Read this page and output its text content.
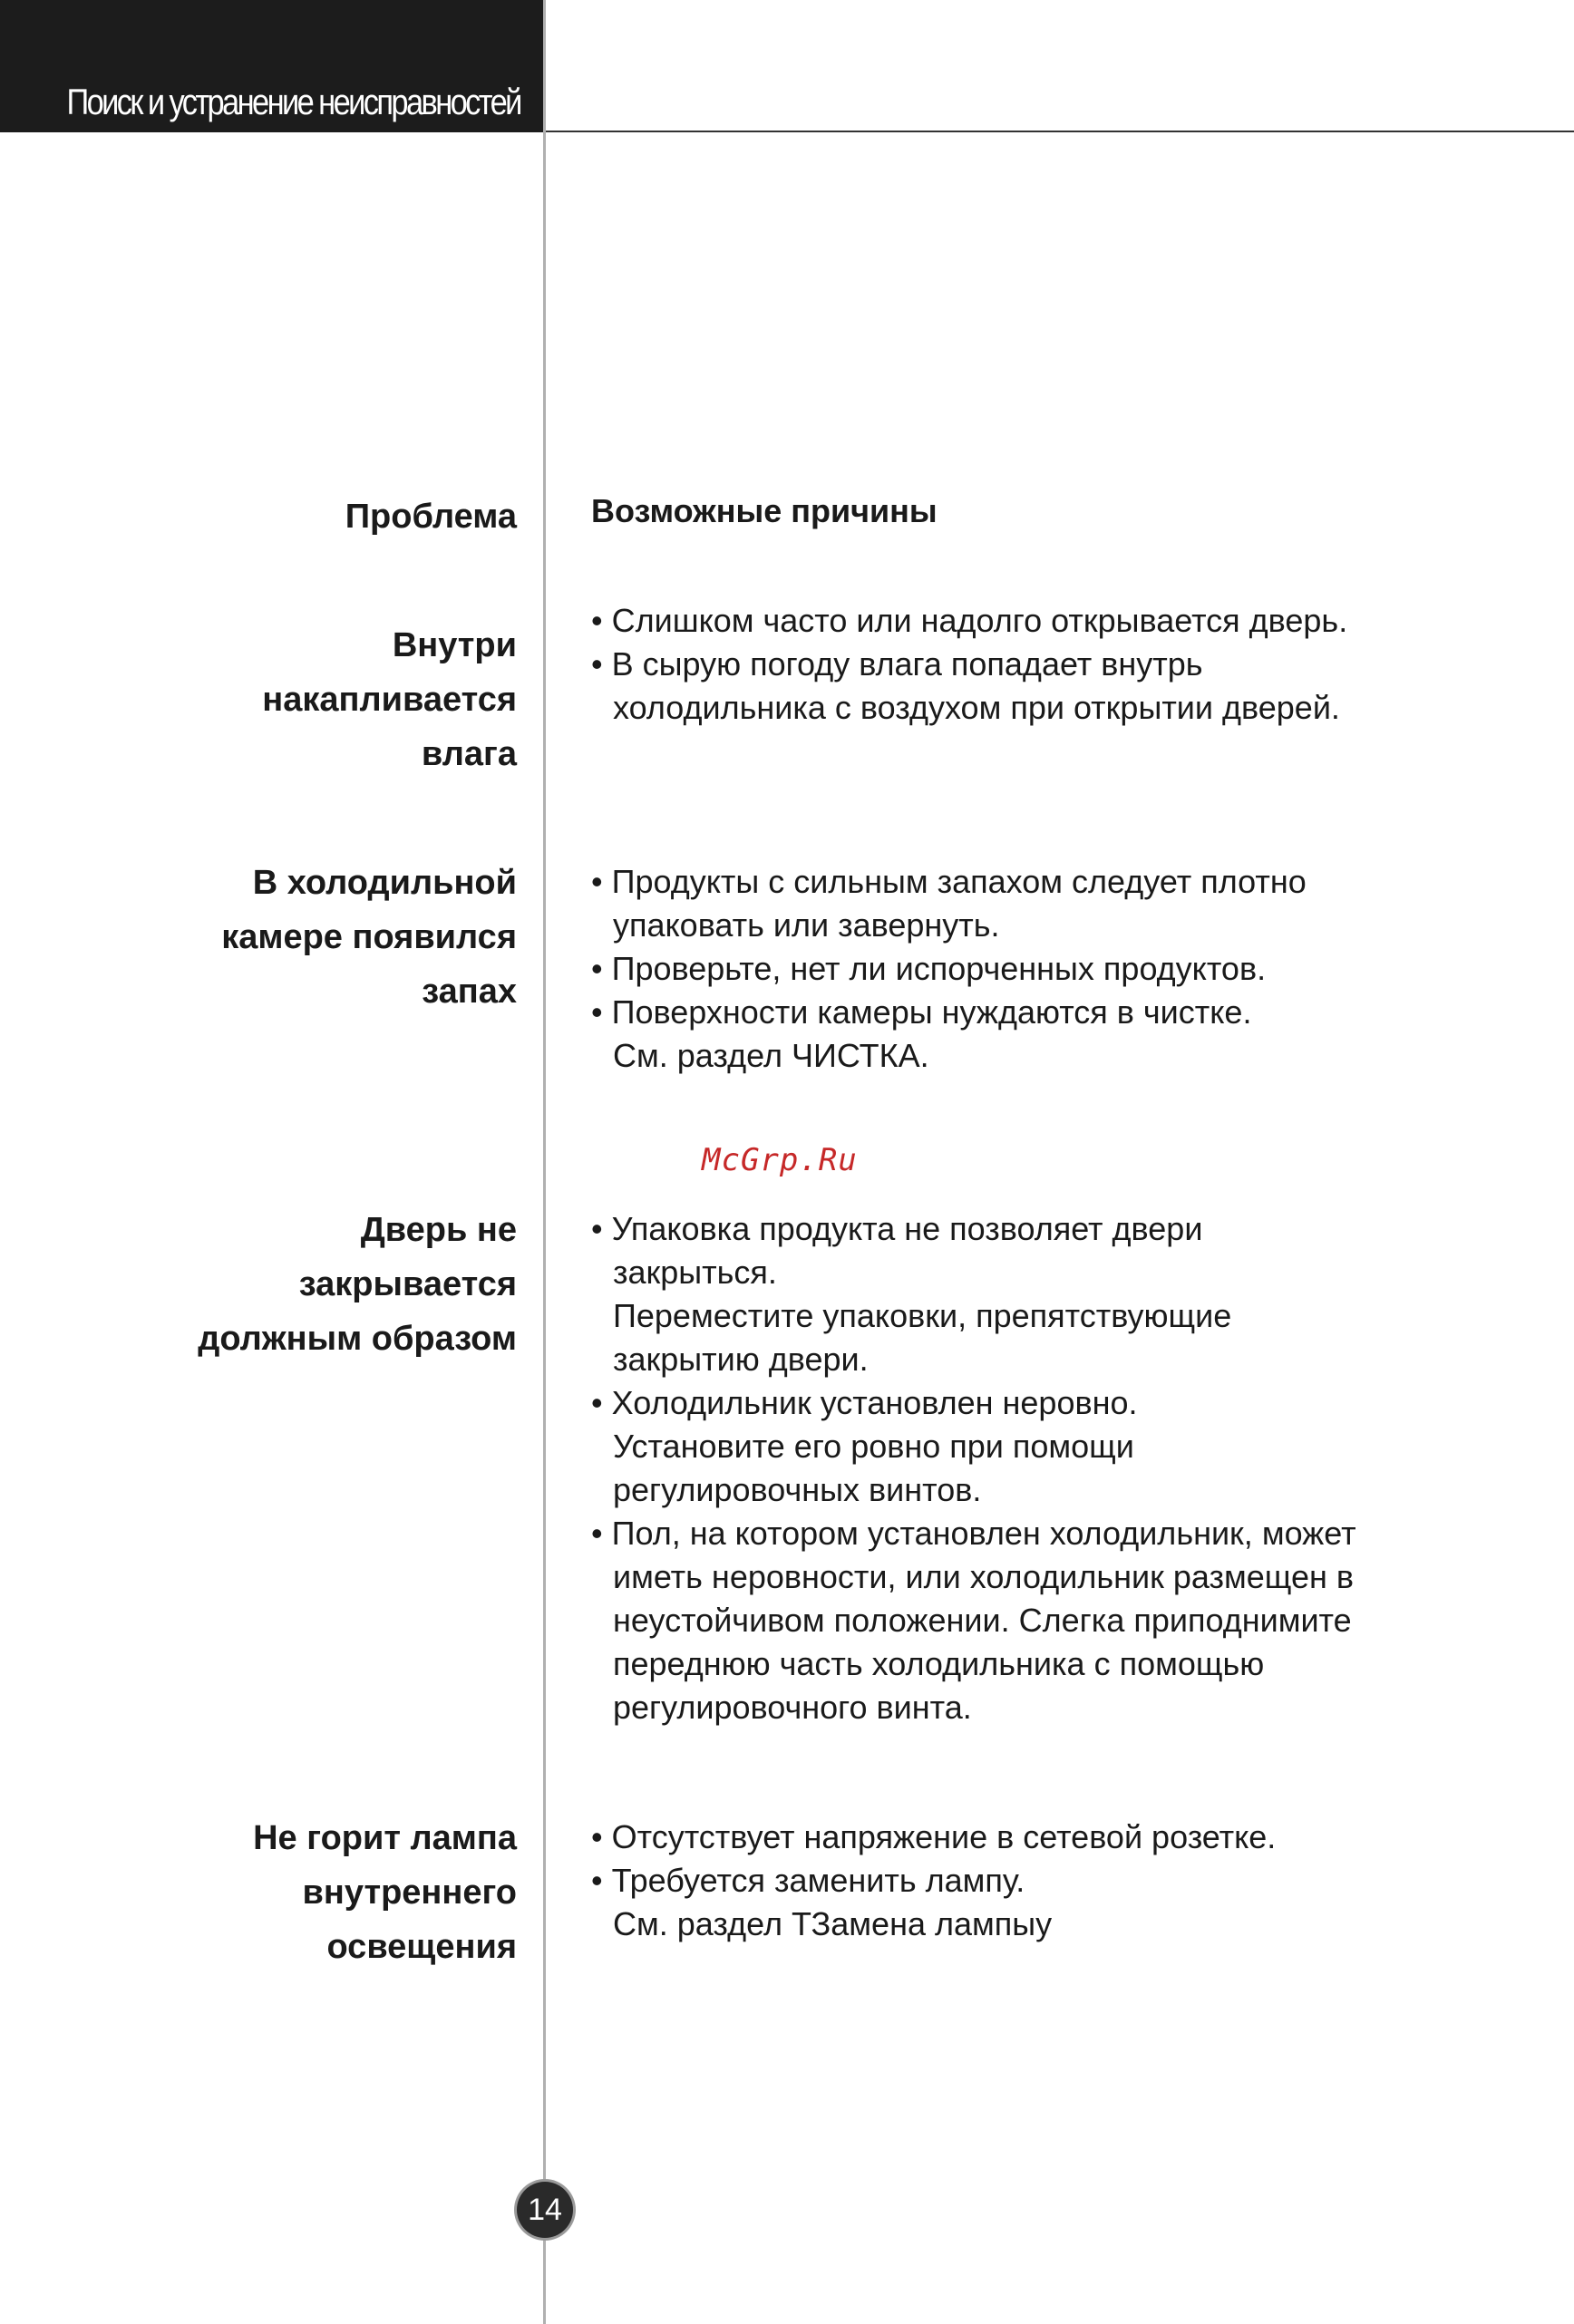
Поиск и устранение неисправностей
Проблема Возможные причины
Внутри
накапливается
влага
• Слишком часто или надолго открывается дверь.
• В сырую погоду влага попадает внутрь
холодильника с воздухом при открытии дверей.
В холодильной
камере появился
запах
• Продукты с сильным запахом следует плотно
упаковать или завернуть.
• Проверьте, нет ли испорченных продуктов.
• Поверхности камеры нуждаются в чистке.
См. раздел ЧИСТКА.
McGrp.Ru
Дверь не
закрывается
должным образом
• Упаковка продукта не позволяет двери
закрыться.
Переместите упаковки, препятствующие
закрытию двери.
• Холодильник установлен неровно.
Установите его ровно при помощи
регулировочных винтов.
• Пол, на котором установлен холодильник, может
иметь неровности, или холодильник размещен в
неустойчивом положении. Слегка приподнимите
переднюю часть холодильника с помощью
регулировочного винта.
Не горит лампа
внутреннего
освещения
• Отсутствует напряжение в сетевой розетке.
• Требуется заменить лампу.
См. раздел ТЗамена лампыу
14
